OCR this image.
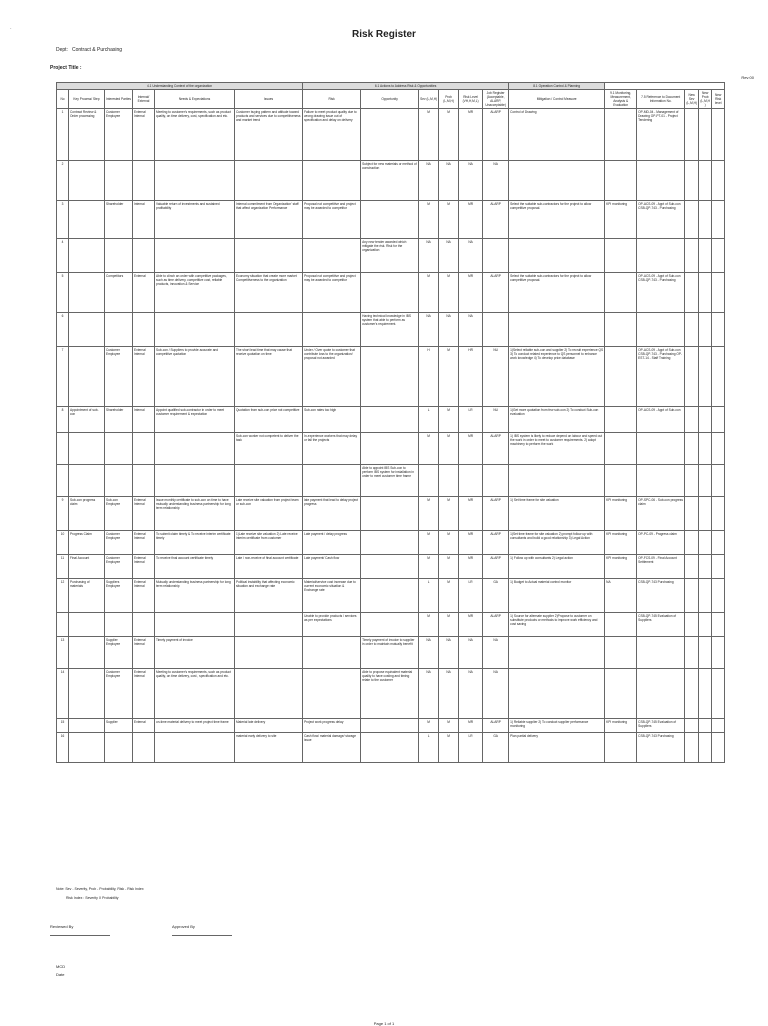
·	Risk Register
Dept: Contract & Purchasing
Project Title :
Rev:00
4.1 Understanding Context of the organization						6.1 Actions to Address Risk & Opportunities						8.1 Operation Control & Planning					
No	Key Process/ Step	Interested Parties	Internal/ External	Needs & Expectations	Issues	Risk	Opportunity	Sev (L,M,H)	Prob (L,M,H)	Risk Level (VH,H,M,L)	Job Register (Acceptable, ALARP, Unacceptable)	Mitigation / Control Measure	9.1 Monitoring, Measurement, Analysis & Evaluation	7.5 Reference to Document Information No.	New Sev (L,M,H)	New Prob (L,M,H)	New Risk level
1	Contract Review & Order processing	Customer Employee	External Internal	Meeting to customer's requirements, such as product quality, on time delivery, cost, specification and etc.	Customer buying pattern and attitude toward products and services due to competitiveness and market trend	Failure to meet product quality due to wrong drawing issue out of specification and delay on delivery		M	M	MR	ALARP	Control of Drawing		OP-MD-04 - Management of Drawing OP-PT-01 - Project Tendering			
2							Subject for new materials or method of construction	NA	NA	NA	NA						
3		Shareholder	Internal	Valuable return of investments and sustained profitability	Internal commitment from Organization' staff that affect organization Performance	Proposal not competitive and project may be awarded to competitor		M	M	MR	ALARP	Select the suitable sub-contractors for the project to allow competitive proposal.	KPI monitoring	OP-ACS-09 - Appt of Sub-con CSB-QP-743 - Purchasing			
4							Any new tender awarded which mitigate the risk. Risk for the organization	NA	NA	NA							
5		Competitors	External	Able to clinch an order with competitive packages, such as time delivery, competitive cost, reliable products, innovation & Service	Economy situation that create more market Competitiveness to the organization	Proposal not competitive and project may be awarded to competitor		M	M	MR	ALARP	Select the suitable sub-contractors for the project to allow competitive proposal.		OP-ACS-09 - Appt of Sub-con CSB-QP-743 - Purchasing			
6							Having technical knowledge in IBS system that able to perform as customer's requirement.	NA	NA	NA							
7		Customer Employee	External Internal	Sub-con / Suppliers to provide accurate and competitive quotation	The short lead time that may cause that receive quotation on time	Under / Over quote to customer that contribute loss to the organization/ proposal not awarded		H	M	HR	NU	1)Select reliable sub-con and supplier 2) To recruit experience QS 3) To conduct related experience to QS personnel to enhance work knowledge 4) To develop price database		OP-ACS-09 - Appt of Sub-con CSB-QP-743 - Purchasing OP-EST-14 - Staff Training			
8	Appointment of sub-con	Shareholder	Internal	Appoint qualified sub-contractor in order to meet customer requirement & expectation	Quotation from sub-con price not competitive	Sub-con rates too high		L	M	LR	NU	1)Get more quotation from few sub-con 2) To conduct Sub-con evaluation		OP-ACS-09 - Appt of Sub-con			
					Sub-con worker not competent to deliver the task	In-experience workers that may delay or fail the projects		M	M	MR	ALARP	1) IBS system is likely to reduce depend on labour and speed out the work in order to meet to customer requirements. 2) adopt machinery to perform the work					
							Able to appoint IBS Sub-con to perform IBS system for installation in order to meet customer time frame										
9	Sub-con progress claim	Sub-con Employee	External Internal	Issue monthly certificate to sub-con on time to have mutually understanding business partnership for long term relationship	Late receive site valuation from project team or sub-con	late payment that lead to delay project progress		M	M	MR	ALARP	1) Set time frame for site valuation	KPI monitoring	OP-SPC-06 - Sub-con progress claim			
10	Progress Claim	Customer Employee	External Internal	To submit claim timely & To receive interim certificate timely	1)Late receive site valuation 2) Late receive interim certificate from customer	Late payment / delay progress		M	M	MR	ALARP	1)Set time frame for site valuation 2) prompt follow up with consultants and build a good relationship 3) Legal Action	KPI monitoring	OP-PC-09 - Progress claim			
11	Final Account	Customer Employee	External Internal	To receive final account certificate timely	Late / non-receive of final account certificate	Late payment/ Cash flow		M	M	MR	ALARP	1) Follow up with consultants 2) Legal action	KPI monitoring	OP-FCS-09 - Final Account Settlement			
12	Purchasing of materials	Suppliers Employee	External Internal	Mutually understanding business partnership for long term relationship	Political instability that affecting economic situation and exchange rate	Material/service cost increase due to current economic situation & Exchange rate		L	M	LR	GA	1) Budget to Actual material control monitor	NA	CSB-QP-743 Purchasing			
						Unable to provide products / services as per expectations		M	M	MR	ALARP	1) Source for alternate supplier 2)Propose to customer on substitute products or methods to improve work efficiency and cost saving		CSB-QP-745 Evaluation of Suppliers			
13		Supplier Employee	External Internal	Timely payment of invoice			Timely payment of invoice to supplier in order to maintain mutually benefit	NA	NA	NA	NA						
14		Customer Employee	External Internal	Meeting to customer's requirements, such as product quality, on time delivery, cost , specification and etc.			Able to propose equivalent material quality to have costing and timing relate to the customer	NA	NA	NA	NA						
15		Supplier	External	on-time material delivery to meet project time frame	Material late delivery	Project work progress delay		M	M	MR	ALARP	1) Reliable supplier 2) To conduct supplier performance monitoring	KPI monitoring	CSB-QP-745 Evaluation of Suppliers			
16					material early delivery to site	Cash flow/ material damage/ storage issue		L	M	LR	GA	Plan partial delivery		CSB-QP-743 Purchasing			
Note: Sev - Severity, Prob - Probability, Risk - Risk Index
Risk Index : Severity X Probability
Reviewed By	Approved By
MCD
Date
Page 1 of 1
